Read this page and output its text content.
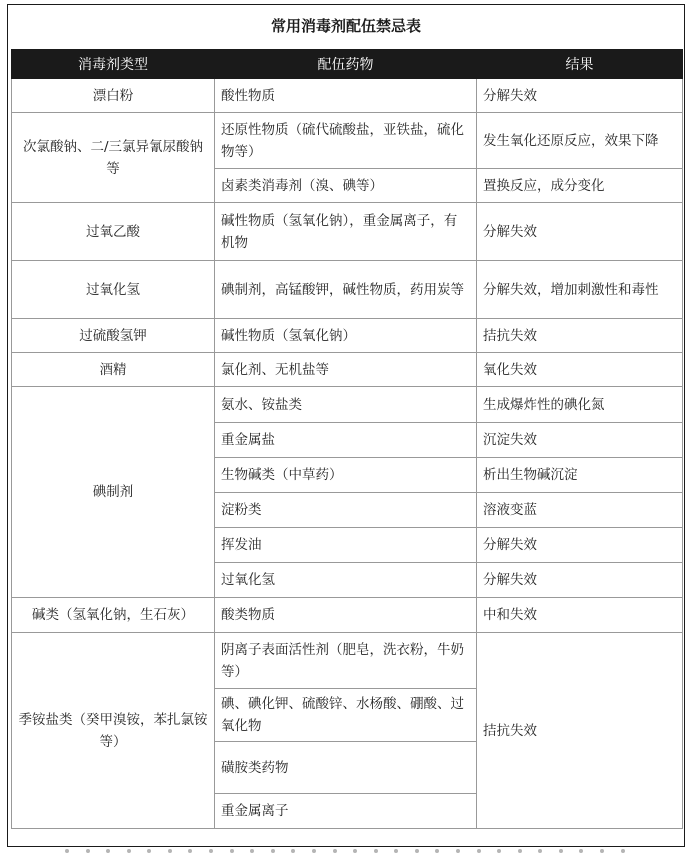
常用消毒剂配伍禁忌表
消毒剂类型	配伍药物	结果
漂白粉	酸性物质	分解失效
次氯酸钠、二/三氯异氰尿酸钠等	还原性物质（硫代硫酸盐，亚铁盐，硫化物等）	发生氧化还原反应，效果下降
	卤素类消毒剂（溴、碘等）	置换反应，成分变化
过氧乙酸	碱性物质（氢氧化钠），重金属离子，有机物	分解失效
过氧化氢	碘制剂，高锰酸钾，碱性物质，药用炭等	分解失效，增加刺激性和毒性
过硫酸氢钾	碱性物质（氢氧化钠）	拮抗失效
酒精	氯化剂、无机盐等	氧化失效
碘制剂	氨水、铵盐类	生成爆炸性的碘化氮
	重金属盐	沉淀失效
	生物碱类（中草药）	析出生物碱沉淀
	淀粉类	溶液变蓝
	挥发油	分解失效
	过氧化氢	分解失效
碱类（氢氧化钠，生石灰）	酸类物质	中和失效
季铵盐类（癸甲溴铵，苯扎氯铵等）	阴离子表面活性剂（肥皂，洗衣粉，牛奶等）	拮抗失效
	碘、碘化钾、硫酸锌、水杨酸、硼酸、过氧化物	
	磺胺类药物	
	重金属离子	
